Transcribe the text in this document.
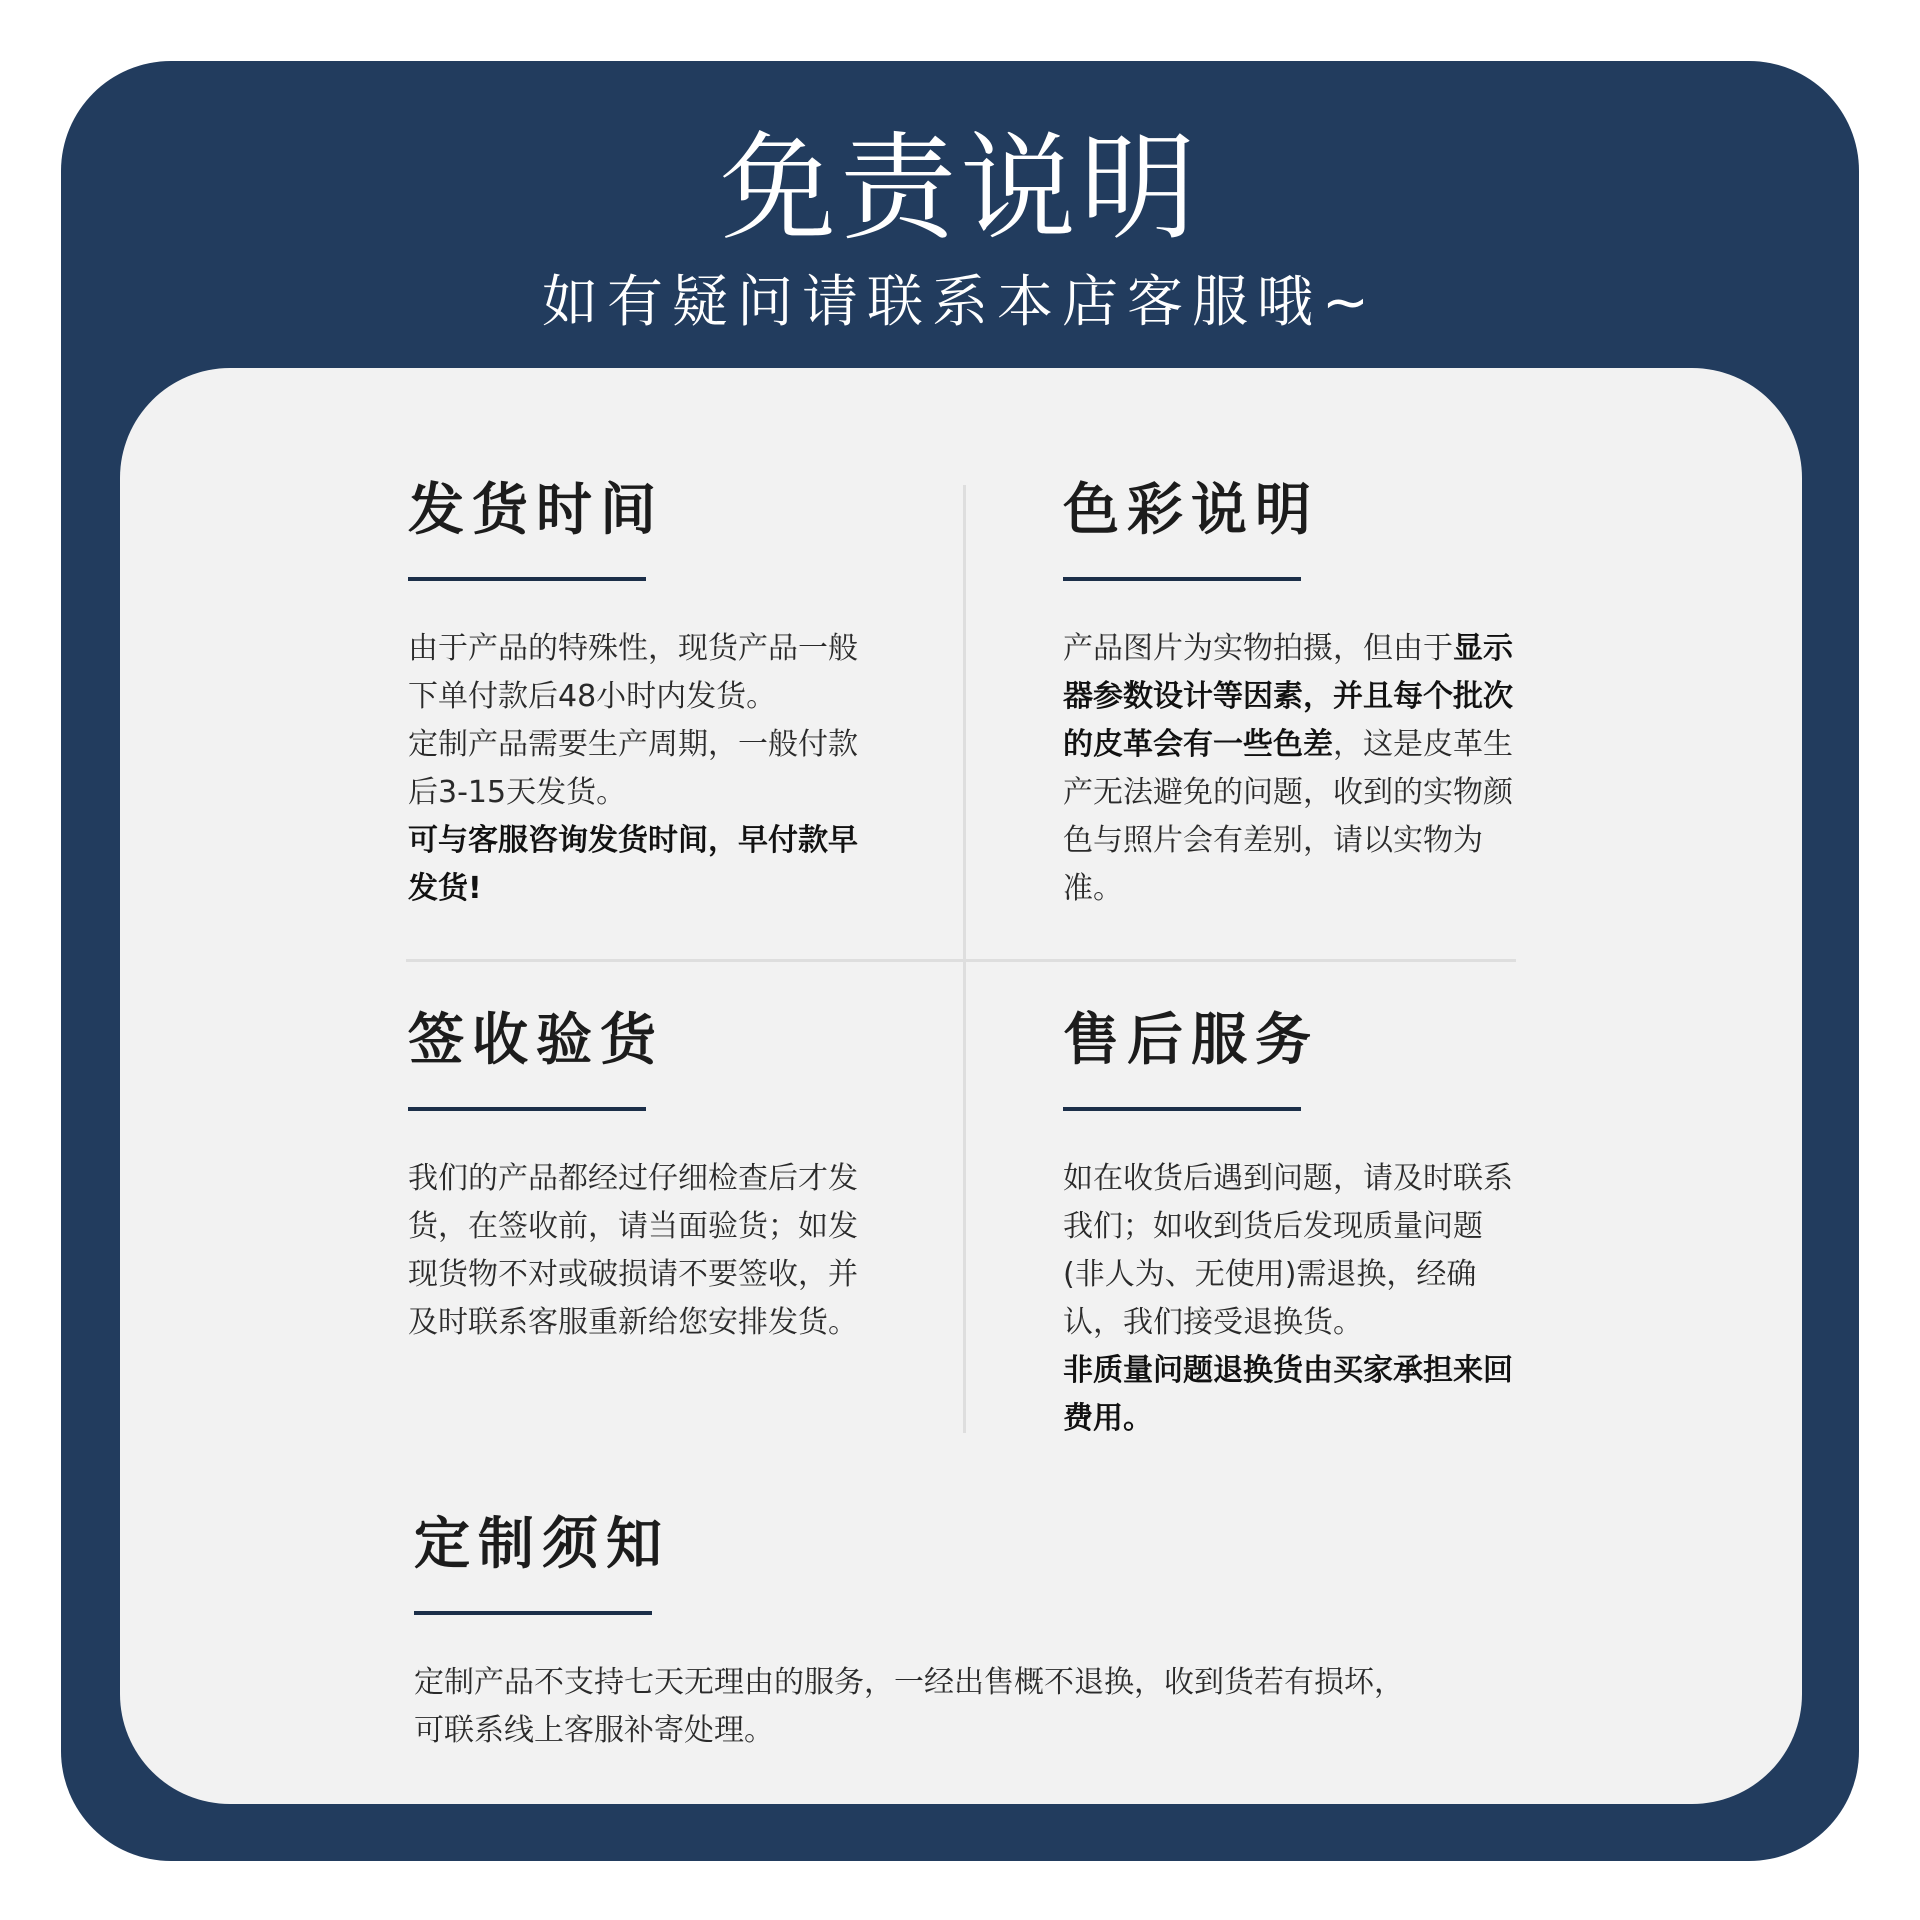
免责说明
如有疑问请联系本店客服哦~
发货时间

由于产品的特殊性，现货产品一般下单付款后48小时内发货。

定制产品需要生产周期，一般付款后3-15天发货。

可与客服咨询发货时间，早付款早发货!

色彩说明

产品图片为实物拍摄，但由于显示器参数设计等因素，并且每个批次的皮革会有一些色差，这是皮革生产无法避免的问题，收到的实物颜色与照片会有差别，请以实物为准。

签收验货

我们的产品都经过仔细检查后才发货，在签收前，请当面验货；如发现货物不对或破损请不要签收，并及时联系客服重新给您安排发货。

售后服务

如在收货后遇到问题，请及时联系我们；如收到货后发现质量问题(非人为、无使用)需退换，经确认，我们接受退换货。

非质量问题退换货由买家承担来回费用。

定制须知

定制产品不支持七天无理由的服务，一经出售概不退换，收到货若有损坏，

可联系线上客服补寄处理。
